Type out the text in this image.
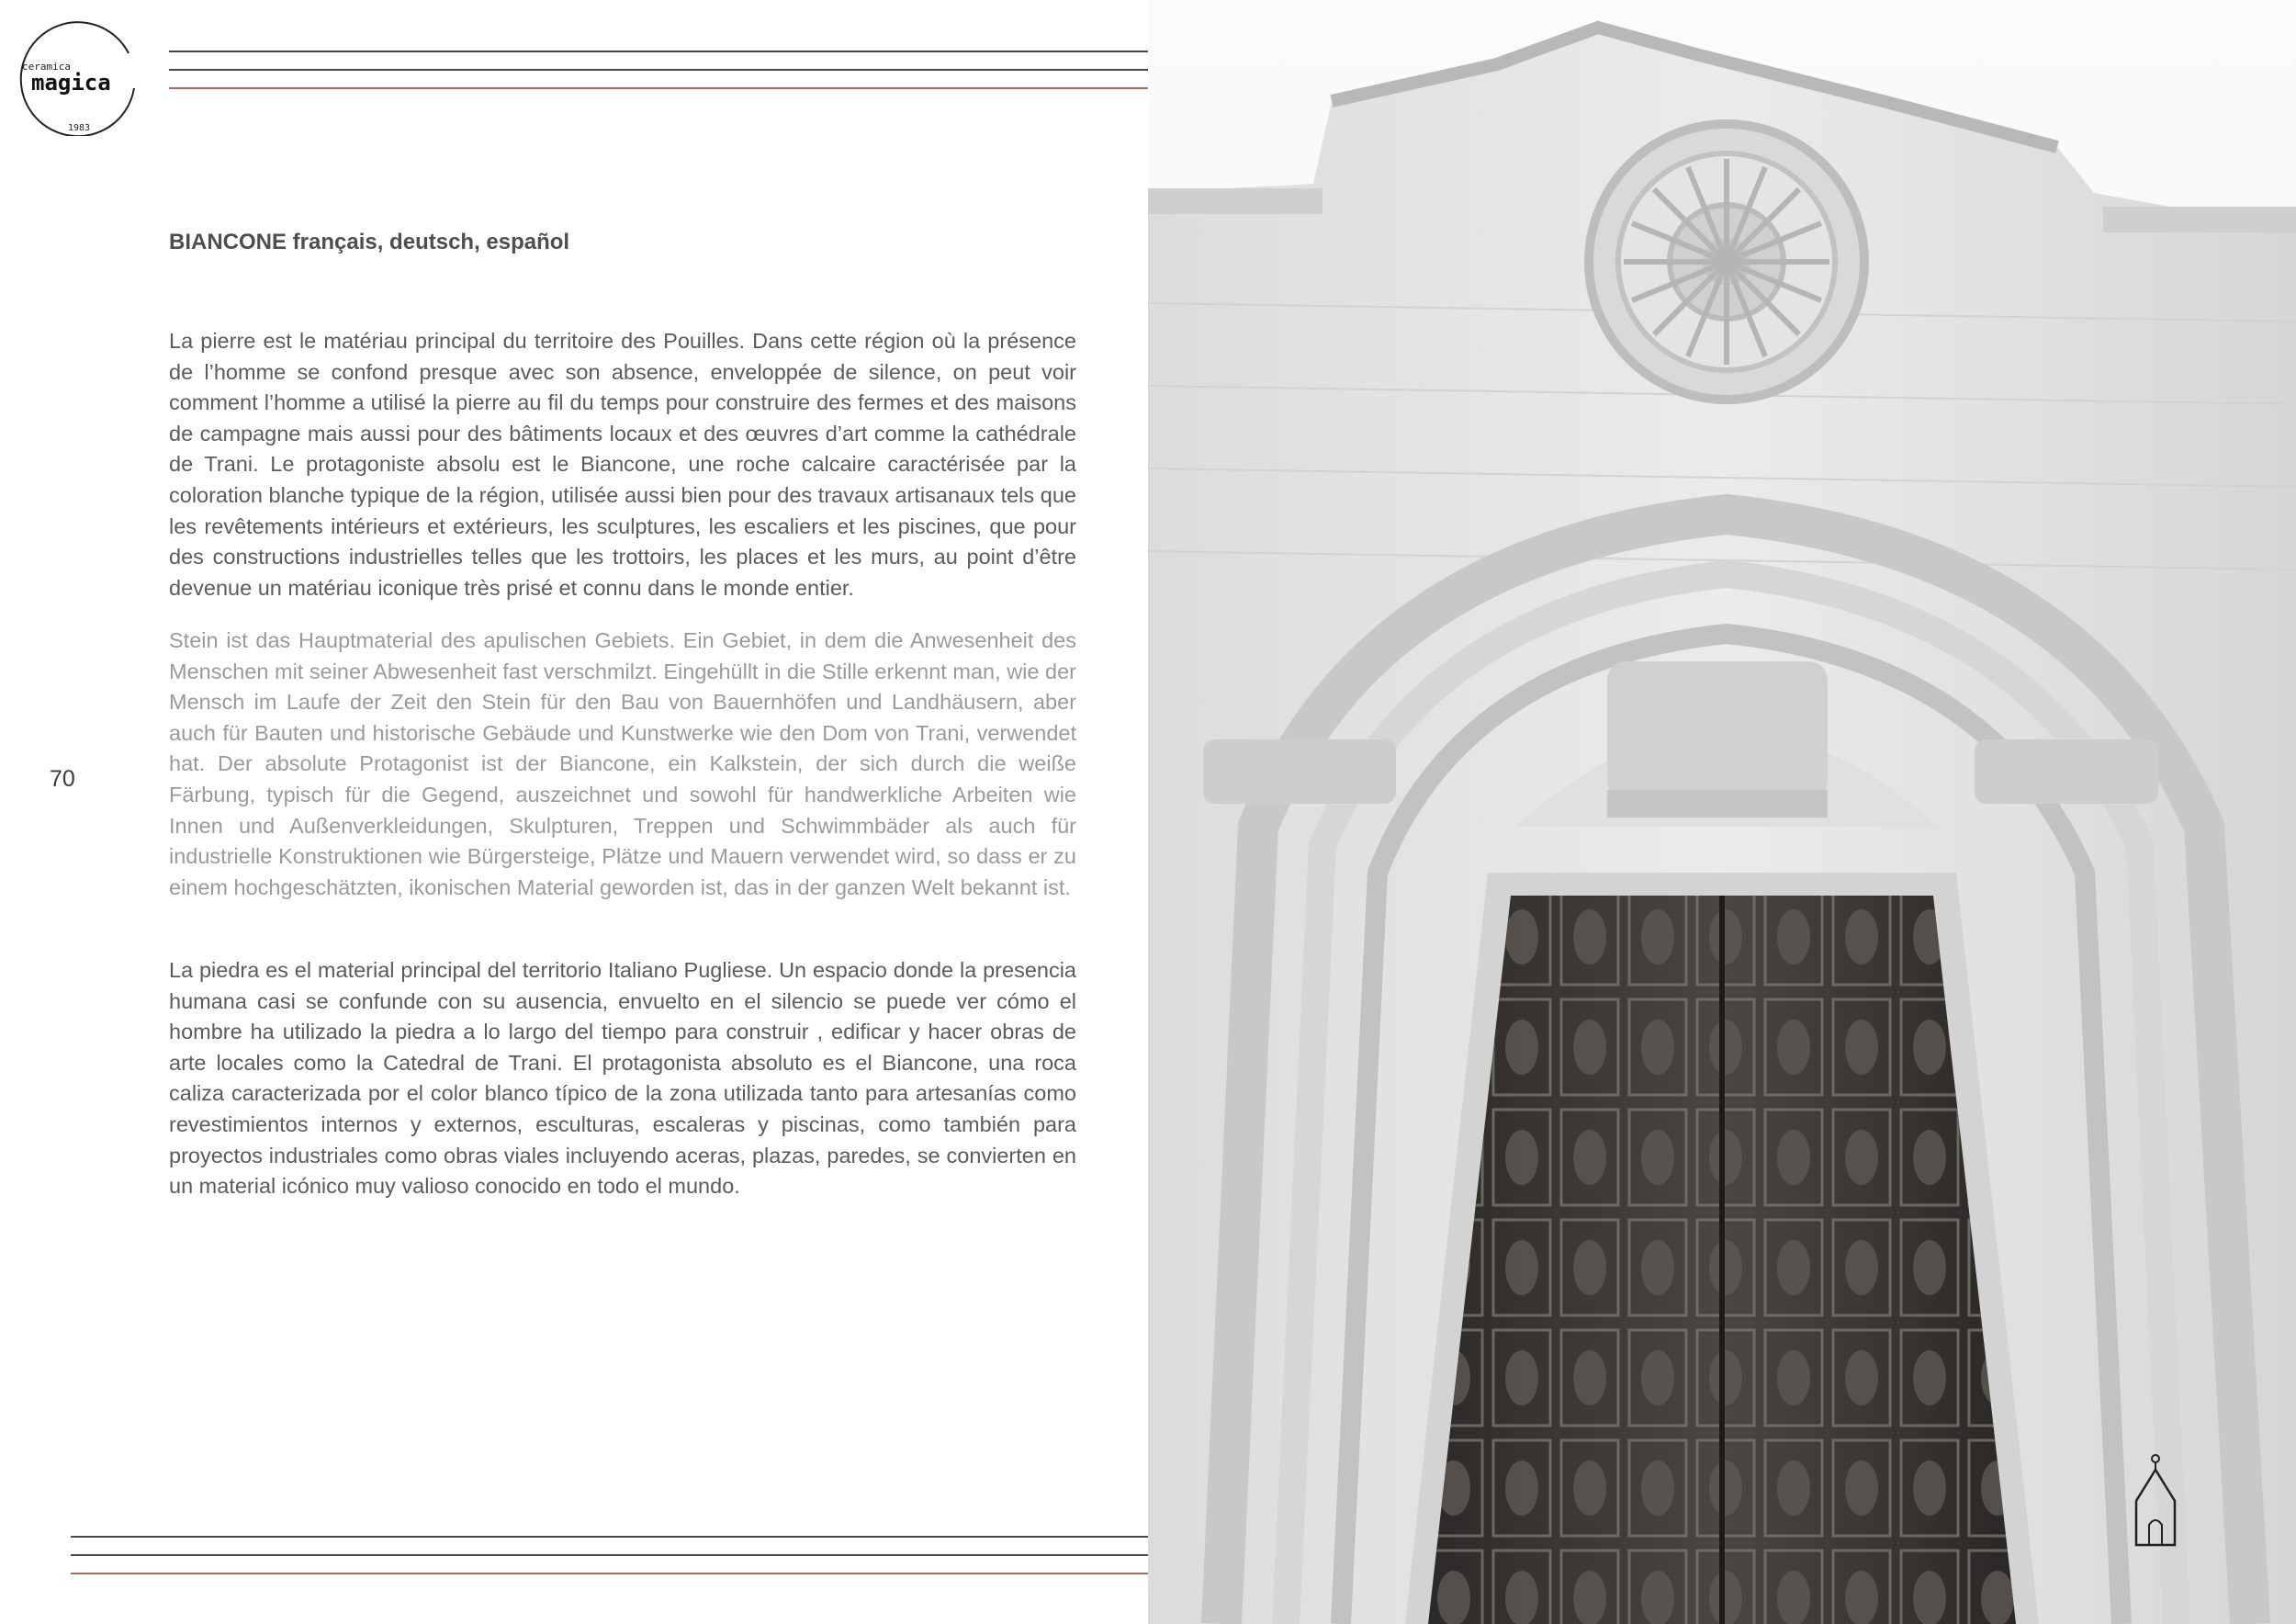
ceramica
magica
1983
BIANCONE français, deutsch, español

La pierre est le matériau principal du territoire des Pouilles. Dans cette région où la présence de l’homme se confond presque avec son absence, enveloppée de silence, on peut voir comment l’homme a utilisé la pierre au fil du temps pour construire des fermes et des maisons de campagne mais aussi pour des bâtiments locaux et des œuvres d’art comme la cathédrale de Trani. Le protagoniste absolu est le Biancone, une roche calcaire caractérisée par la coloration blanche typique de la région, utilisée aussi bien pour des travaux artisanaux tels que les revêtements intérieurs et extérieurs, les sculptures, les escaliers et les piscines, que pour des constructions industrielles telles que les trottoirs, les places et les murs, au point d’être devenue un matériau iconique très prisé et connu dans le monde entier.

Stein ist das Hauptmaterial des apulischen Gebiets. Ein Gebiet, in dem die Anwesenheit des Menschen mit seiner Abwesenheit fast verschmilzt. Eingehüllt in die Stille erkennt man, wie der Mensch im Laufe der Zeit den Stein für den Bau von Bauernhöfen und Landhäusern, aber auch für Bauten und historische Gebäude und Kunstwerke wie den Dom von Trani, verwendet hat. Der absolute Protagonist ist der Biancone, ein Kalkstein, der sich durch die weiße Färbung, typisch für die Gegend, auszeichnet und sowohl für handwerkliche Arbeiten wie Innen und Außenverkleidungen, Skulpturen, Treppen und Schwimmbäder als auch für industrielle Konstruktionen wie Bürgersteige, Plätze und Mauern verwendet wird, so dass er zu einem hochgeschätzten, ikonischen Material geworden ist, das in der ganzen Welt bekannt ist.

La piedra es el material principal del territorio Italiano Pugliese. Un espacio donde la presencia humana casi se confunde con su ausencia, envuelto en el silencio se puede ver cómo el hombre ha utilizado la piedra a lo largo del tiempo para construir , edificar y hacer obras de arte locales como la Catedral de Trani. El protagonista absoluto es el Biancone, una roca caliza caracterizada por el color blanco típico de la zona utilizada tanto para artesanías como revestimientos internos y externos, esculturas, escaleras y piscinas, como también para proyectos industriales como obras viales incluyendo aceras, plazas, paredes, se convierten en un material icónico muy valioso conocido en todo el mundo.

70
